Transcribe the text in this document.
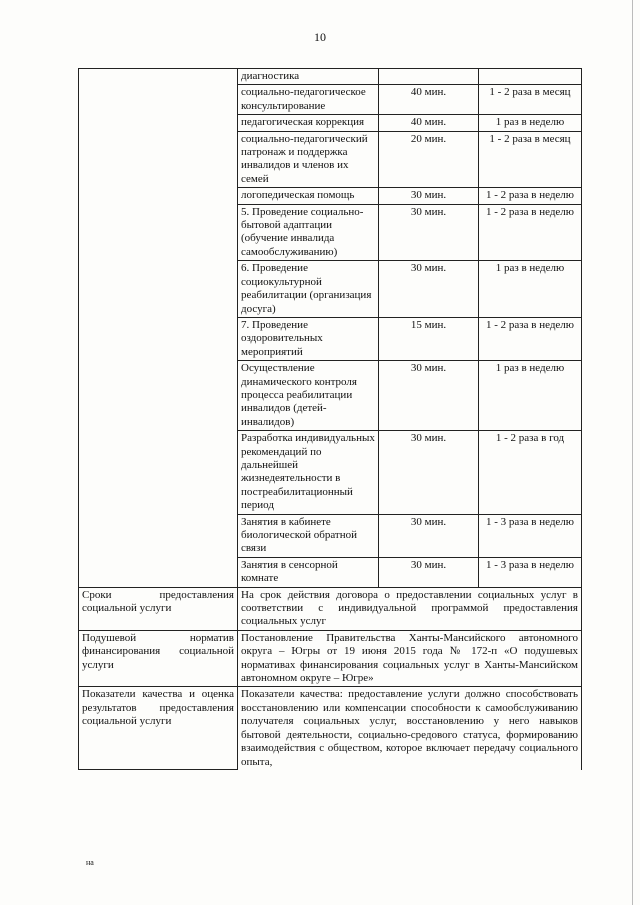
10
	диагностика		
	социально-педагогическое консультирование	40 мин.	1 - 2 раза в месяц
	педагогическая коррекция	40 мин.	1 раз в неделю
	социально-педагогический патронаж и поддержка инвалидов и членов их семей	20 мин.	1 - 2 раза в месяц
	логопедическая помощь	30 мин.	1 - 2 раза в неделю
	5. Проведение социально-бытовой адаптации (обучение инвалида самообслуживанию)	30 мин.	1 - 2 раза в неделю
	6. Проведение социокультурной реабилитации (организация досуга)	30 мин.	1 раз в неделю
	7. Проведение оздоровительных мероприятий	15 мин.	1 - 2 раза в неделю
	Осуществление динамического контроля процесса реабилитации инвалидов (детей-инвалидов)	30 мин.	1 раз в неделю
	Разработка индивидуальных рекомендаций по дальнейшей жизнедеятельности в постреабилитационный период	30 мин.	1 - 2 раза в год
	Занятия в кабинете биологической обратной связи	30 мин.	1 - 3 раза в неделю
	Занятия в сенсорной комнате	30 мин.	1 - 3 раза в неделю

Сроки предоставления социальной услуги	На срок действия договора о предоставлении социальных услуг в соответствии с индивидуальной программой предоставления социальных услуг		

Подушевой норматив финансирования социальной услуги	Постановление Правительства Ханты-Мансийского автономного округа – Югры от 19 июня 2015 года № 172-п «О подушевых нормативах финансирования социальных услуг в Ханты-Мансийском автономном округе – Югре»		

Показатели качества и оценка результатов предоставления социальной услуги	Показатели качества: предоставление услуги должно способствовать восстановлению или компенсации способности к самообслуживанию получателя социальных услуг, восстановлению у него навыков бытовой деятельности, социально-средового статуса, формированию взаимодействия с обществом, которое включает передачу социального опыта,		
на
